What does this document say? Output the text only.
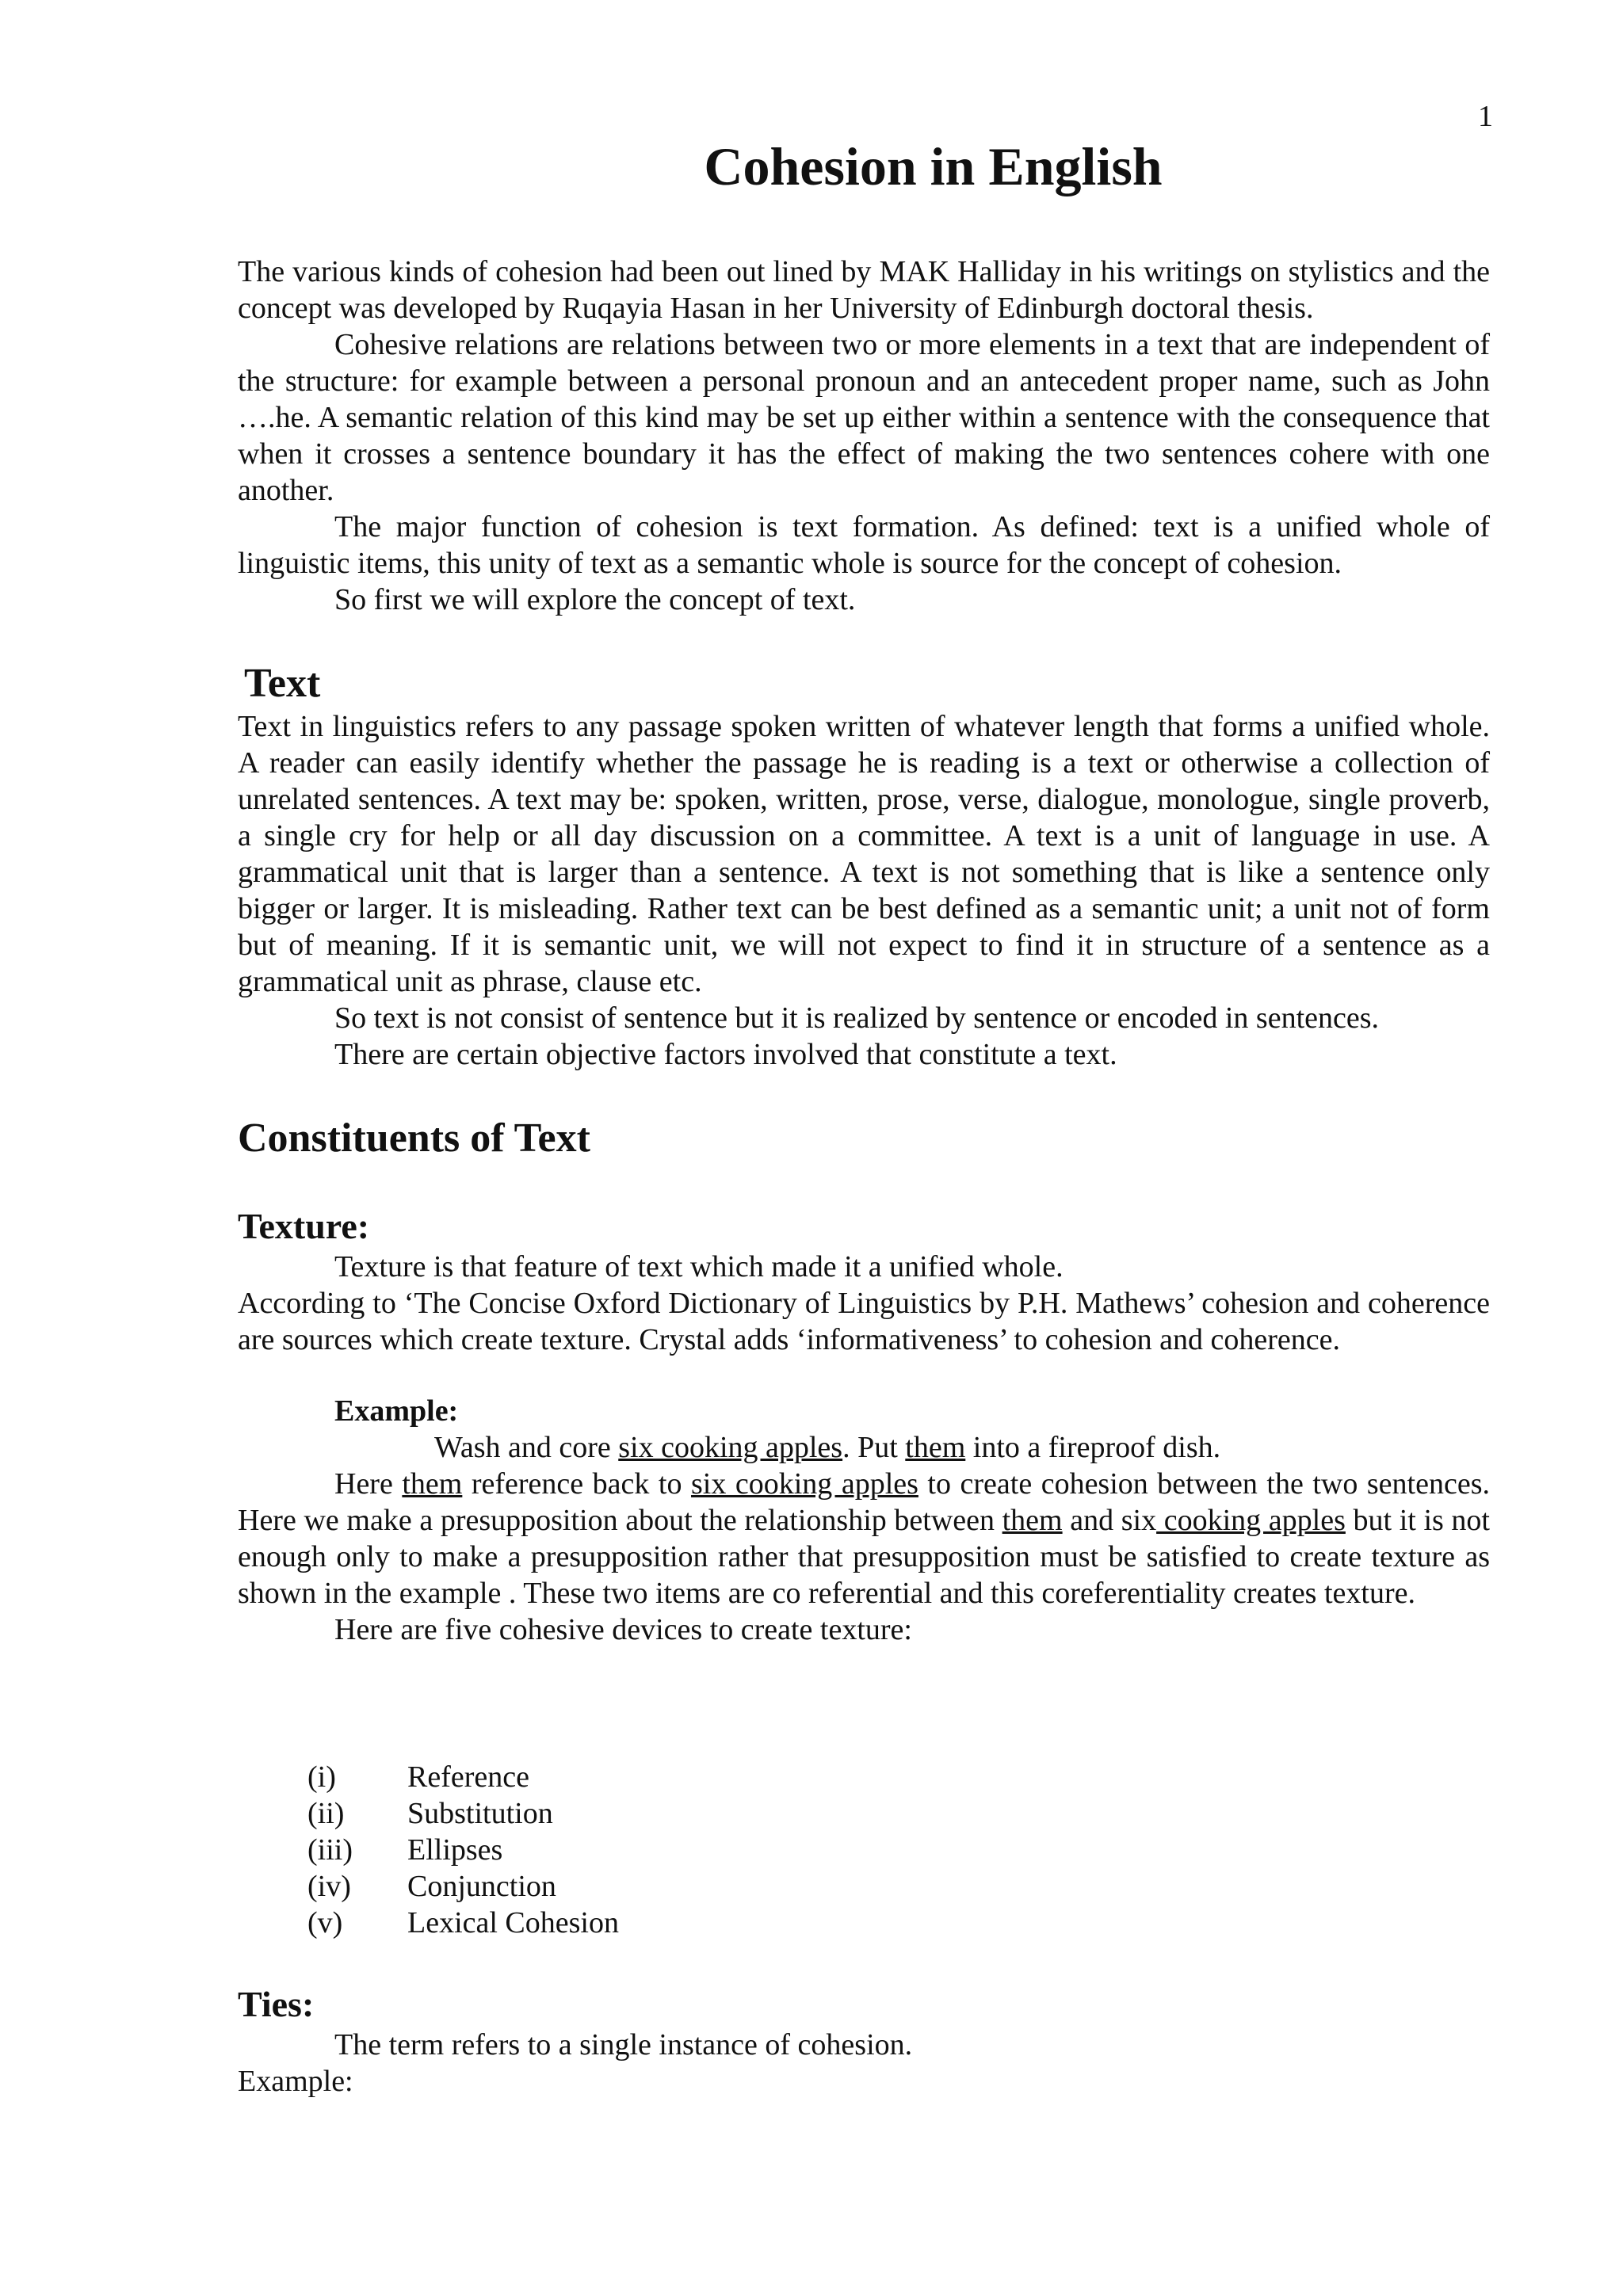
1
Cohesion in English

The various kinds of cohesion had been out lined by MAK Halliday in his writings on stylistics and the concept was developed by Ruqayia Hasan in her University of Edinburgh doctoral thesis.

Cohesive relations are relations between two or more elements in a text that are independent of the structure: for example between a personal pronoun and an antecedent proper name, such as John ….he. A semantic relation of this kind may be set up either within a sentence with the consequence that when it crosses a sentence boundary it has the effect of making the two sentences cohere with one another.

The major function of cohesion is text formation. As defined: text is a unified whole of linguistic items, this unity of text as a semantic whole is source for the concept of cohesion.

So first we will explore the concept of text.

Text

Text in linguistics refers to any passage spoken written of whatever length that forms a unified whole. A reader can easily identify whether the passage he is reading is a text or otherwise a collection of unrelated sentences. A text may be: spoken, written, prose, verse, dialogue, monologue, single proverb, a single cry for help or all day discussion on a committee. A text is a unit of language in use. A grammatical unit that is larger than a sentence. A text is not something that is like a sentence only bigger or larger. It is misleading. Rather text can be best defined as a semantic unit; a unit not of form but of meaning. If it is semantic unit, we will not expect to find it in structure of a sentence as a grammatical unit as phrase, clause etc.

So text is not consist of sentence but it is realized by sentence or encoded in sentences.

There are certain objective factors involved that constitute a text.

Constituents of Text
Texture:

Texture is that feature of text which made it a unified whole.

According to ‘The Concise Oxford Dictionary of Linguistics by P.H. Mathews’ cohesion and coherence are sources which create texture. Crystal adds ‘informativeness’ to cohesion and coherence.

Example:

Wash and core six cooking apples. Put them into a fireproof dish.

Here them reference back to six cooking apples to create cohesion between the two sentences. Here we make a presupposition about the relationship between them and six cooking apples but it is not enough only to make a presupposition rather that presupposition must be satisfied to create texture as shown in the example . These two items are co referential and this coreferentiality creates texture.

Here are five cohesive devices to create texture:

(i)	Reference
(ii)	Substitution
(iii)	Ellipses
(iv)	Conjunction
(v)	Lexical Cohesion
Ties:

The term refers to a single instance of cohesion.

Example:
